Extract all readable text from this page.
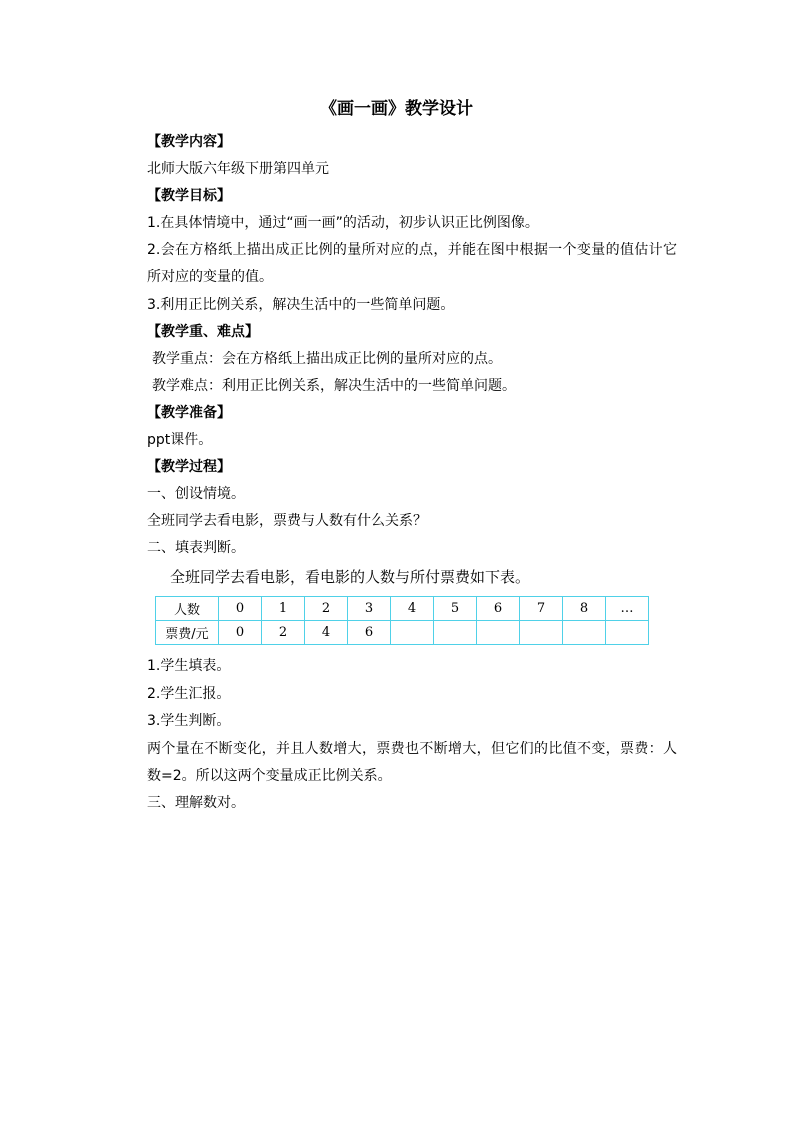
《画一画》教学设计
【教学内容】
北师大版六年级下册第四单元
【教学目标】
1.在具体情境中，通过“画一画”的活动，初步认识正比例图像。
2.会在方格纸上描出成正比例的量所对应的点，并能在图中根据一个变量的值估计它所对应的变量的值。
3.利用正比例关系，解决生活中的一些简单问题。
【教学重、难点】
教学重点：会在方格纸上描出成正比例的量所对应的点。
教学难点：利用正比例关系，解决生活中的一些简单问题。
【教学准备】
ppt课件。
【教学过程】
一、创设情境。
全班同学去看电影，票费与人数有什么关系？
二、填表判断。
全班同学去看电影，看电影的人数与所付票费如下表。
人数	0	1	2	3	4	5	6	7	8	…
票费/元	0	2	4	6						
1.学生填表。
2.学生汇报。
3.学生判断。
两个量在不断变化，并且人数增大，票费也不断增大，但它们的比值不变，票费：人数=2。所以这两个变量成正比例关系。
三、理解数对。
